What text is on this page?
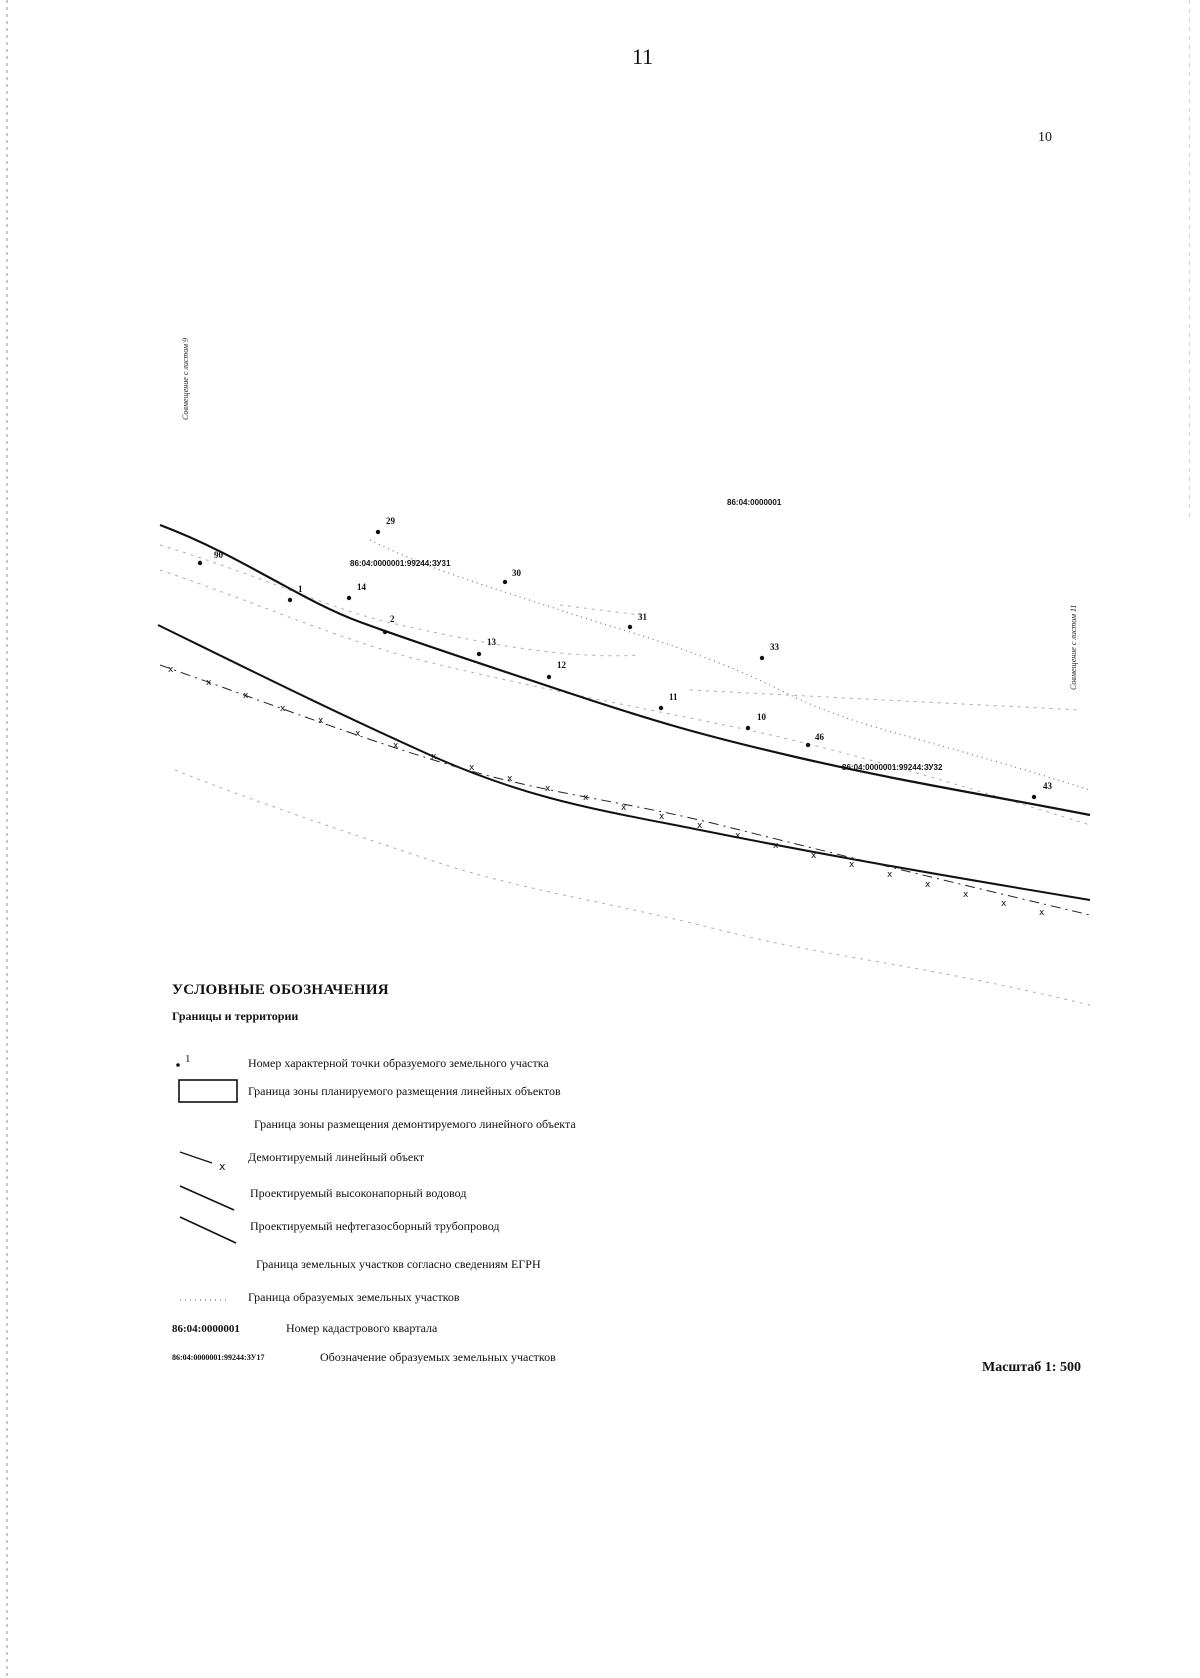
11
10
x
x
x
x
x
x
x
x
x
x
x
x
x
x
x
x
x
x
x
x
x
x
x
x
90
1	14
29
2
30
13
12
31
33
11
10
46
43
86:04:0000001
86:04:0000001:99244:ЗУ31
86:04:0000001:99244:ЗУ32
Совмещение с листом 9
Совмещение с листом 11
1
x
УСЛОВНЫЕ ОБОЗНАЧЕНИЯ
Границы и территории
Номер характерной точки образуемого земельного участка
Граница зоны планируемого размещения линейных объектов
Граница зоны размещения демонтируемого линейного объекта
Демонтируемый линейный объект
Проектируемый высоконапорный водовод
Проектируемый нефтегазосборный трубопровод
Граница земельных участков согласно сведениям ЕГРН
Граница образуемых земельных участков
86:04:0000001	Номер кадастрового квартала
86:04:0000001:99244:ЗУ17	Обозначение образуемых земельных участков
Масштаб 1: 500
